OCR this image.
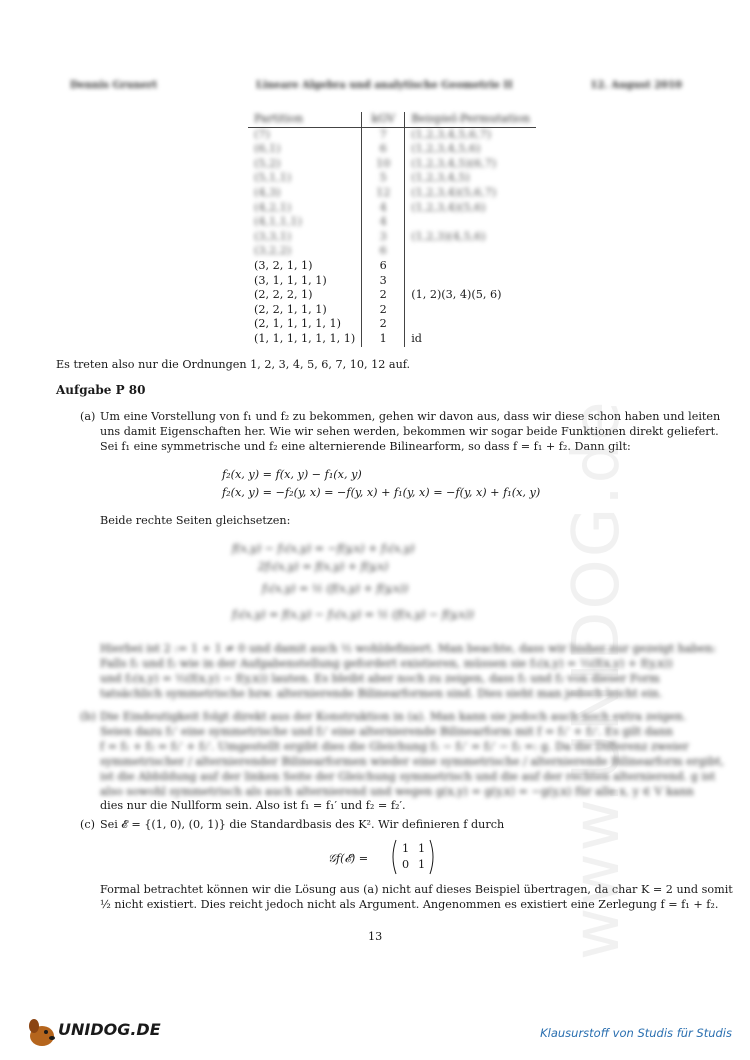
Dennis Grunert	Lineare Algebra und analytische Geometrie II	12. August 2010
Partition	kGV	Beispiel-Permutation
(7)	7	(1,2,3,4,5,6,7)
(6,1)	6	(1,2,3,4,5,6)
(5,2)	10	(1,2,3,4,5)(6,7)
(5,1,1)	5	(1,2,3,4,5)
(4,3)	12	(1,2,3,4)(5,6,7)
(4,2,1)	4	(1,2,3,4)(5,6)
(4,1,1,1)	4	
(3,3,1)	3	(1,2,3)(4,5,6)
(3,2,2)	6	
(3, 2, 1, 1)	6	
(3, 1, 1, 1, 1)	3	
(2, 2, 2, 1)	2	(1, 2)(3, 4)(5, 6)
(2, 2, 1, 1, 1)	2	
(2, 1, 1, 1, 1, 1)	2	
(1, 1, 1, 1, 1, 1, 1)	1	id
Es treten also nur die Ordnungen 1, 2, 3, 4, 5, 6, 7, 10, 12 auf.
Aufgabe P 80
(a) Um eine Vorstellung von f₁ und f₂ zu bekommen, gehen wir davon aus, dass wir diese schon haben und leiten
uns damit Eigenschaften her. Wie wir sehen werden, bekommen wir sogar beide Funktionen direkt geliefert.
Sei f₁ eine symmetrische und f₂ eine alternierende Bilinearform, so dass f = f₁ + f₂. Dann gilt:
f₂(x, y) = f(x, y) − f₁(x, y)
f₂(x, y) = −f₂(y, x) = −f(y, x) + f₁(y, x) = −f(y, x) + f₁(x, y)
Beide rechte Seiten gleichsetzen:
f(x,y) − f₁(x,y) = −f(y,x) + f₁(x,y)
2f₁(x,y) = f(x,y) + f(y,x)
f₁(x,y) = ½ (f(x,y) + f(y,x))
f₂(x,y) = f(x,y) − f₁(x,y) = ½ (f(x,y) − f(y,x))
Hierbei ist 2 := 1 + 1 ≠ 0 und damit auch ½ wohldefiniert. Man beachte, dass wir bisher nur gezeigt haben:
Falls f₁ und f₂ wie in der Aufgabenstellung gefordert existieren, müssen sie f₁(x,y) = ½(f(x,y) + f(y,x))
und f₂(x,y) = ½(f(x,y) − f(y,x)) lauten. Es bleibt aber noch zu zeigen, dass f₁ und f₂ von dieser Form
tatsächlich symmetrische bzw. alternierende Bilinearformen sind. Dies sieht man jedoch leicht ein.
(b) Die Eindeutigkeit folgt direkt aus der Konstruktion in (a). Man kann sie jedoch auch noch extra zeigen.
Seien dazu f₁' eine symmetrische und f₂' eine alternierende Bilinearform mit f = f₁' + f₂'. Es gilt dann
f = f₁ + f₂ = f₁' + f₂'. Umgestellt ergibt dies die Gleichung f₁ − f₁' = f₂' − f₂ =: g. Da die Differenz zweier
symmetrischer / alternierender Bilinearformen wieder eine symmetrische / alternierende Bilinearform ergibt,
ist die Abbildung auf der linken Seite der Gleichung symmetrisch und die auf der rechten alternierend. g ist
also sowohl symmetrisch als auch alternierend und wegen g(x,y) = g(y,x) = −g(y,x) für alle x, y ∈ V kann
dies nur die Nullform sein. Also ist f₁ = f₁′ und f₂ = f₂′.
(c) Sei 𝓔 = {(1, 0), (0, 1)} die Standardbasis des K². Wir definieren f durch
𝒢f(𝓔) =
1 1
0 1
Formal betrachtet können wir die Lösung aus (a) nicht auf dieses Beispiel übertragen, da char K = 2 und somit
½ nicht existiert. Dies reicht jedoch nicht als Argument. Angenommen es existiert eine Zerlegung f = f₁ + f₂.
13	www.UNIDOG.de
UNIDOG.DE	Klausurstoff von Studis für Studis
